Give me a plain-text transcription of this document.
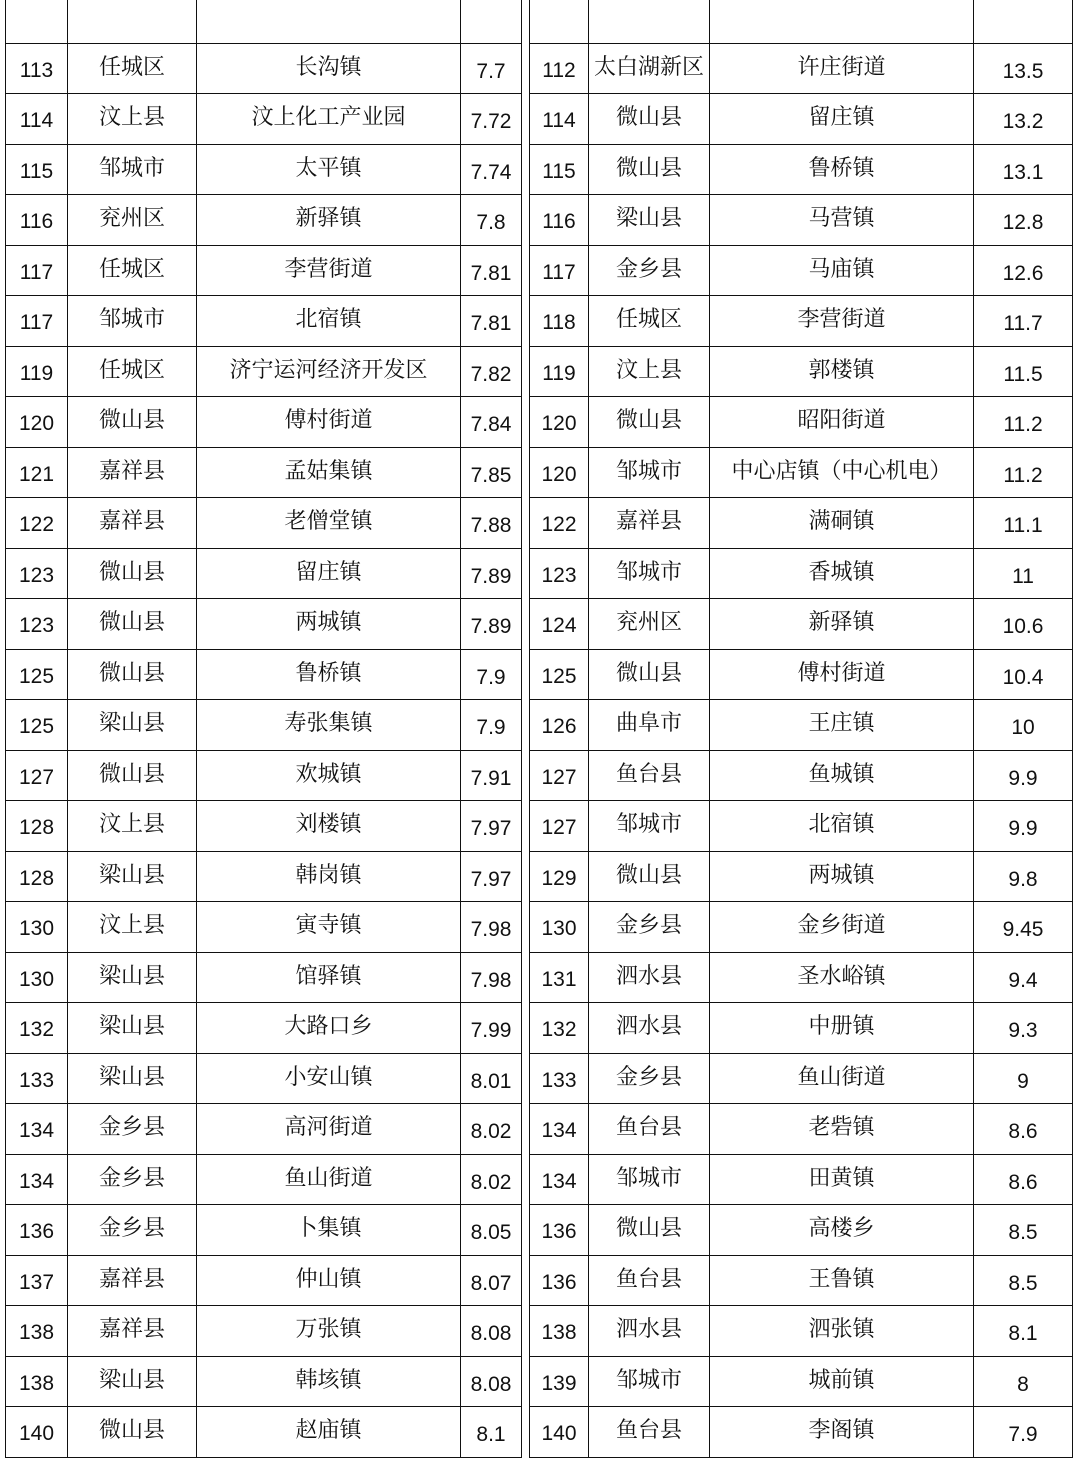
113	任城区	长沟镇	7.7
114	汶上县	汶上化工产业园	7.72
115	邹城市	太平镇	7.74
116	兖州区	新驿镇	7.8
117	任城区	李营街道	7.81
117	邹城市	北宿镇	7.81
119	任城区	济宁运河经济开发区	7.82
120	微山县	傅村街道	7.84
121	嘉祥县	孟姑集镇	7.85
122	嘉祥县	老僧堂镇	7.88
123	微山县	留庄镇	7.89
123	微山县	两城镇	7.89
125	微山县	鲁桥镇	7.9
125	梁山县	寿张集镇	7.9
127	微山县	欢城镇	7.91
128	汶上县	刘楼镇	7.97
128	梁山县	韩岗镇	7.97
130	汶上县	寅寺镇	7.98
130	梁山县	馆驿镇	7.98
132	梁山县	大路口乡	7.99
133	梁山县	小安山镇	8.01
134	金乡县	高河街道	8.02
134	金乡县	鱼山街道	8.02
136	金乡县	卜集镇	8.05
137	嘉祥县	仲山镇	8.07
138	嘉祥县	万张镇	8.08
138	梁山县	韩垓镇	8.08
140	微山县	赵庙镇	8.1

112	太白湖新区	许庄街道	13.5
114	微山县	留庄镇	13.2
115	微山县	鲁桥镇	13.1
116	梁山县	马营镇	12.8
117	金乡县	马庙镇	12.6
118	任城区	李营街道	11.7
119	汶上县	郭楼镇	11.5
120	微山县	昭阳街道	11.2
120	邹城市	中心店镇（中心机电）	11.2
122	嘉祥县	满硐镇	11.1
123	邹城市	香城镇	11
124	兖州区	新驿镇	10.6
125	微山县	傅村街道	10.4
126	曲阜市	王庄镇	10
127	鱼台县	鱼城镇	9.9
127	邹城市	北宿镇	9.9
129	微山县	两城镇	9.8
130	金乡县	金乡街道	9.45
131	泗水县	圣水峪镇	9.4
132	泗水县	中册镇	9.3
133	金乡县	鱼山街道	9
134	鱼台县	老砦镇	8.6
134	邹城市	田黄镇	8.6
136	微山县	高楼乡	8.5
136	鱼台县	王鲁镇	8.5
138	泗水县	泗张镇	8.1
139	邹城市	城前镇	8
140	鱼台县	李阁镇	7.9
